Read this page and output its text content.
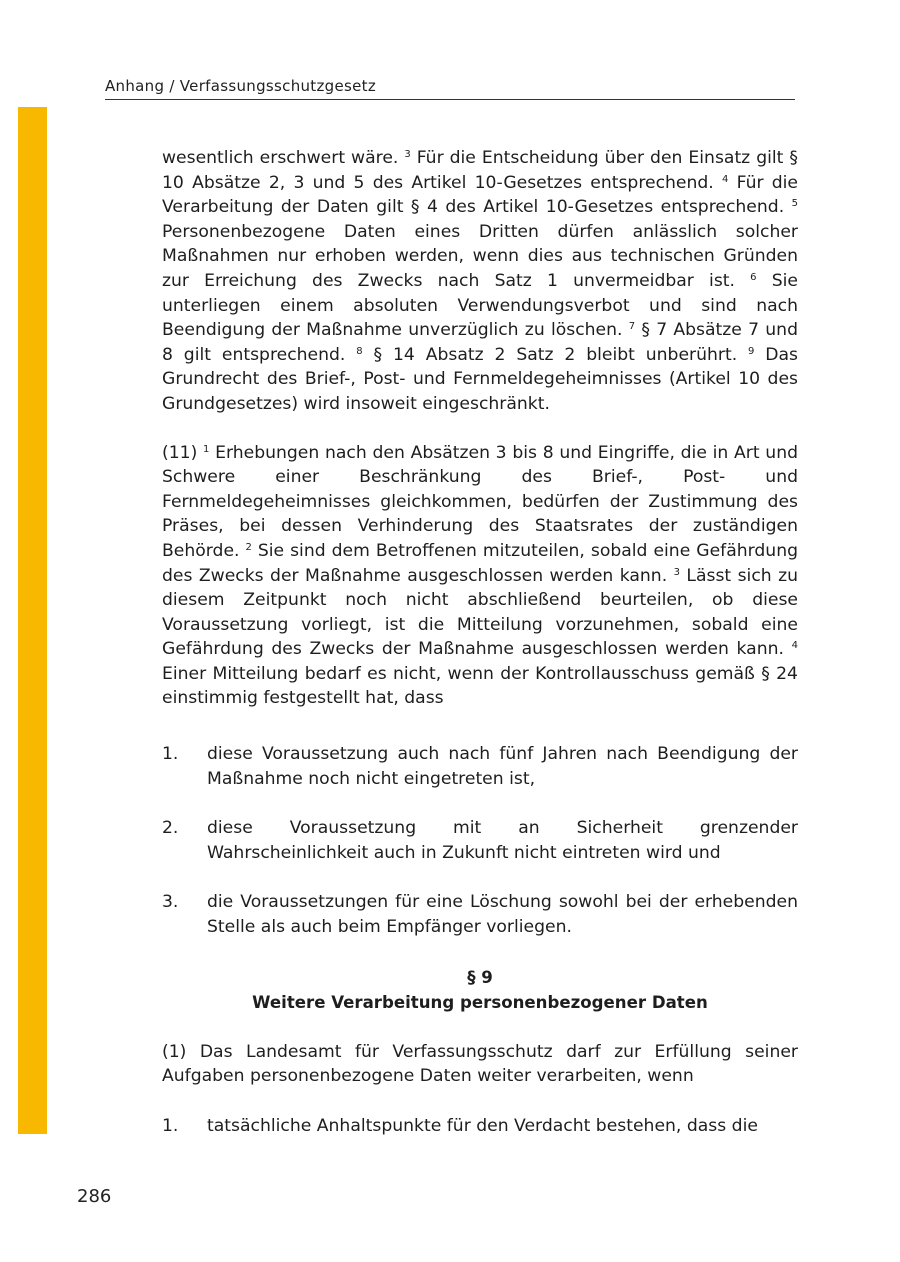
Anhang / Verfassungsschutzgesetz

wesentlich erschwert wäre. $^3$ Für die Entscheidung über den Einsatz gilt § 10 Absätze 2, 3 und 5 des Artikel 10-Gesetzes entsprechend. $^4$ Für die Verarbeitung der Daten gilt § 4 des Artikel 10-Gesetzes entsprechend. $^5$ Personenbezogene Daten eines Dritten dürfen anlässlich solcher Maßnahmen nur erhoben werden, wenn dies aus technischen Gründen zur Erreichung des Zwecks nach Satz 1 unvermeidbar ist. $^6$ Sie unterliegen einem absoluten Verwendungsverbot und sind nach Beendigung der Maßnahme unverzüglich zu löschen. $^7$ § 7 Absätze 7 und 8 gilt entsprechend. $^8$ § 14 Absatz 2 Satz 2 bleibt unberührt. $^9$ Das Grundrecht des Brief-, Post- und Fernmeldegeheimnisses (Artikel 10 des Grundgesetzes) wird insoweit eingeschränkt.

(11) $^1$ Erhebungen nach den Absätzen 3 bis 8 und Eingriffe, die in Art und Schwere einer Beschränkung des Brief-, Post- und Fernmeldegeheimnisses gleichkommen, bedürfen der Zustimmung des Präses, bei dessen Verhinderung des Staatsrates der zuständigen Behörde. $^2$ Sie sind dem Betroffenen mitzuteilen, sobald eine Gefährdung des Zwecks der Maßnahme ausgeschlossen werden kann. $^3$ Lässt sich zu diesem Zeitpunkt noch nicht abschließend beurteilen, ob diese Voraussetzung vorliegt, ist die Mitteilung vorzunehmen, sobald eine Gefährdung des Zwecks der Maßnahme ausgeschlossen werden kann. $^4$ Einer Mitteilung bedarf es nicht, wenn der Kontrollausschuss gemäß § 24 einstimmig festgestellt hat, dass

1. diese Voraussetzung auch nach fünf Jahren nach Beendigung der Maßnahme noch nicht eingetreten ist,
2. diese Voraussetzung mit an Sicherheit grenzender Wahrscheinlichkeit auch in Zukunft nicht eintreten wird und
3. die Voraussetzungen für eine Löschung sowohl bei der erhebenden Stelle als auch beim Empfänger vorliegen.
§ 9
Weitere Verarbeitung personenbezogener Daten

(1) Das Landesamt für Verfassungsschutz darf zur Erfüllung seiner Aufgaben personenbezogene Daten weiter verarbeiten, wenn

1. tatsächliche Anhaltspunkte für den Verdacht bestehen, dass die
286
